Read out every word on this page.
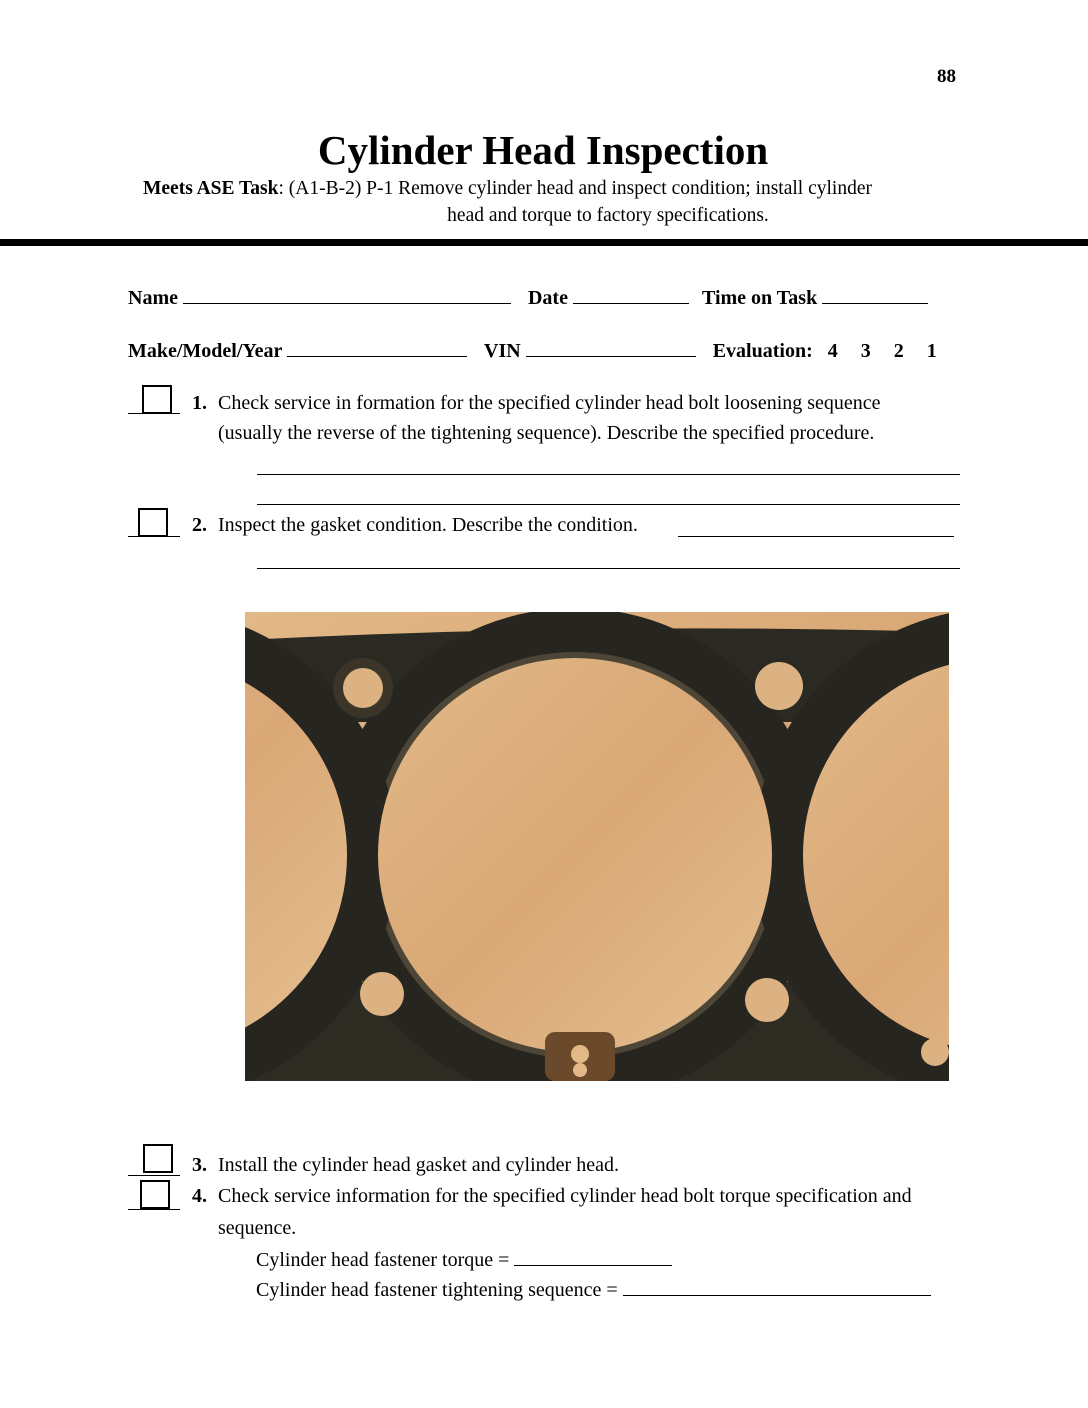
88
Cylinder Head Inspection
Meets ASE Task: (A1-B-2) P-1 Remove cylinder head and inspect condition; install cylinder
head and torque to factory specifications.
Name	Date	Time on Task
Make/Model/Year	VIN	Evaluation: 4 3 2 1
1. Check service in formation for the specified cylinder head bolt loosening sequence
(usually the reverse of the tightening sequence). Describe the specified procedure.
2. Inspect the gasket condition. Describe the condition.
3. Install the cylinder head gasket and cylinder head.
4. Check service information for the specified cylinder head bolt torque specification and
sequence.
Cylinder head fastener torque =
Cylinder head fastener tightening sequence =
